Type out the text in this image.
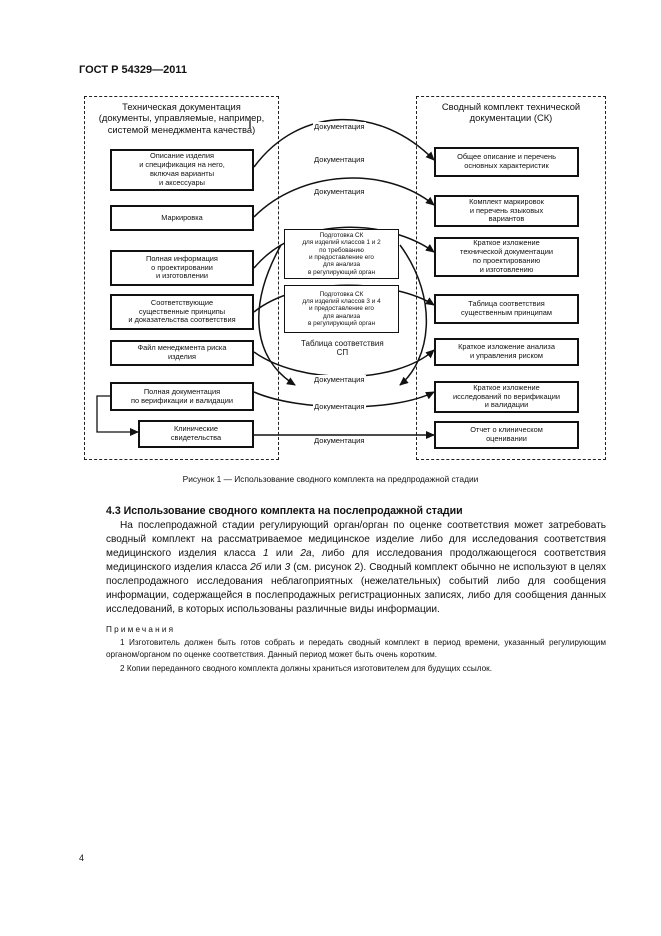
ГОСТ Р 54329—2011
Техническая документация
(документы, управляемые, например,
системой менеджмента качества)
Сводный комплект технической
документации (СК)
Описание изделия
и спецификация на него,
включая варианты
и аксессуары
Маркировка
Полная информация
о проектировании
и изготовлении
Соответствующие
существенные принципы
и доказательства соответствия
Файл менеджмента риска
изделия
Полная документация
по верификации и валидации
Клинические
свидетельства
Подготовка СК
для изделий классов 1 и 2
по требованию
и предоставление его
для анализа
в регулирующий орган
Подготовка СК
для изделий классов 3 и 4
и предоставление его
для анализа
в регулирующий орган
Общее описание и перечень
основных характеристик
Комплект маркировок
и перечень языковых
вариантов
Краткое изложение
технической документации
по проектированию
и изготовлению
Таблица соответствия
существенным принципам
Краткое изложение анализа
и управления риском
Краткое изложение
исследований по верификации
и валидации
Отчет о клиническом
оценивании
Документация
Документация
Документация
Таблица соответствия
СП
Документация
Документация
Документация
Рисунок 1 — Использование сводного комплекта на предпродажной стадии
4.3 Использование сводного комплекта на послепродажной стадии
На послепродажной стадии регулирующий орган/орган по оценке соответствия может затребовать сводный комплект на рассматриваемое медицинское изделие либо для исследования соответствия медицинского изделия класса 1 или 2а, либо для исследования продолжающегося соответствия медицинского изделия класса 2б или 3 (см. рисунок 2). Сводный комплект обычно не используют в целях послепродажного исследования неблагоприятных (нежелательных) событий либо для сообщения информации, содержащейся в послепродажных регистрационных записях, либо для сообщения данных исследований, в которых использованы различные виды информации.
Примечания
1 Изготовитель должен быть готов собрать и передать сводный комплект в период времени, указанный регулирующим органом/органом по оценке соответствия. Данный период может быть очень коротким.
2 Копии переданного сводного комплекта должны храниться изготовителем для будущих ссылок.
4
